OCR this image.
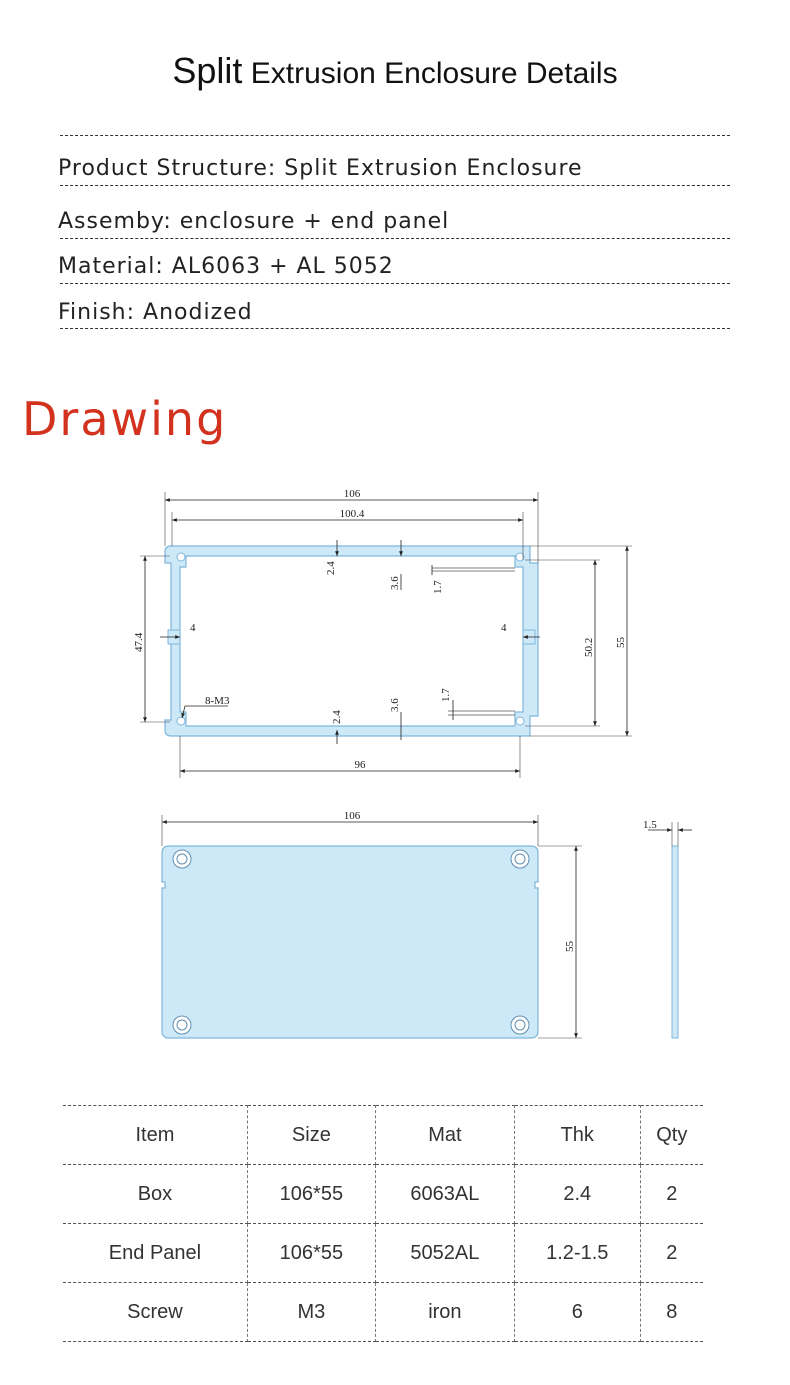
Split Extrusion Enclosure Details
Product Structure: Split Extrusion Enclosure
Assemby: enclosure + end panel
Material: AL6063 + AL 5052
Finish: Anodized
Drawing
106
100.4
2.4
3.6	1.7
4	4
47.4	50.2 55
8-M3
2.4
3.6
1.7
96
106
55
1.5
Item	Size	Mat	Thk	Qty
Box	106*55	6063AL	2.4	2
End Panel	106*55	5052AL	1.2-1.5	2
Screw	M3	iron	6	8
